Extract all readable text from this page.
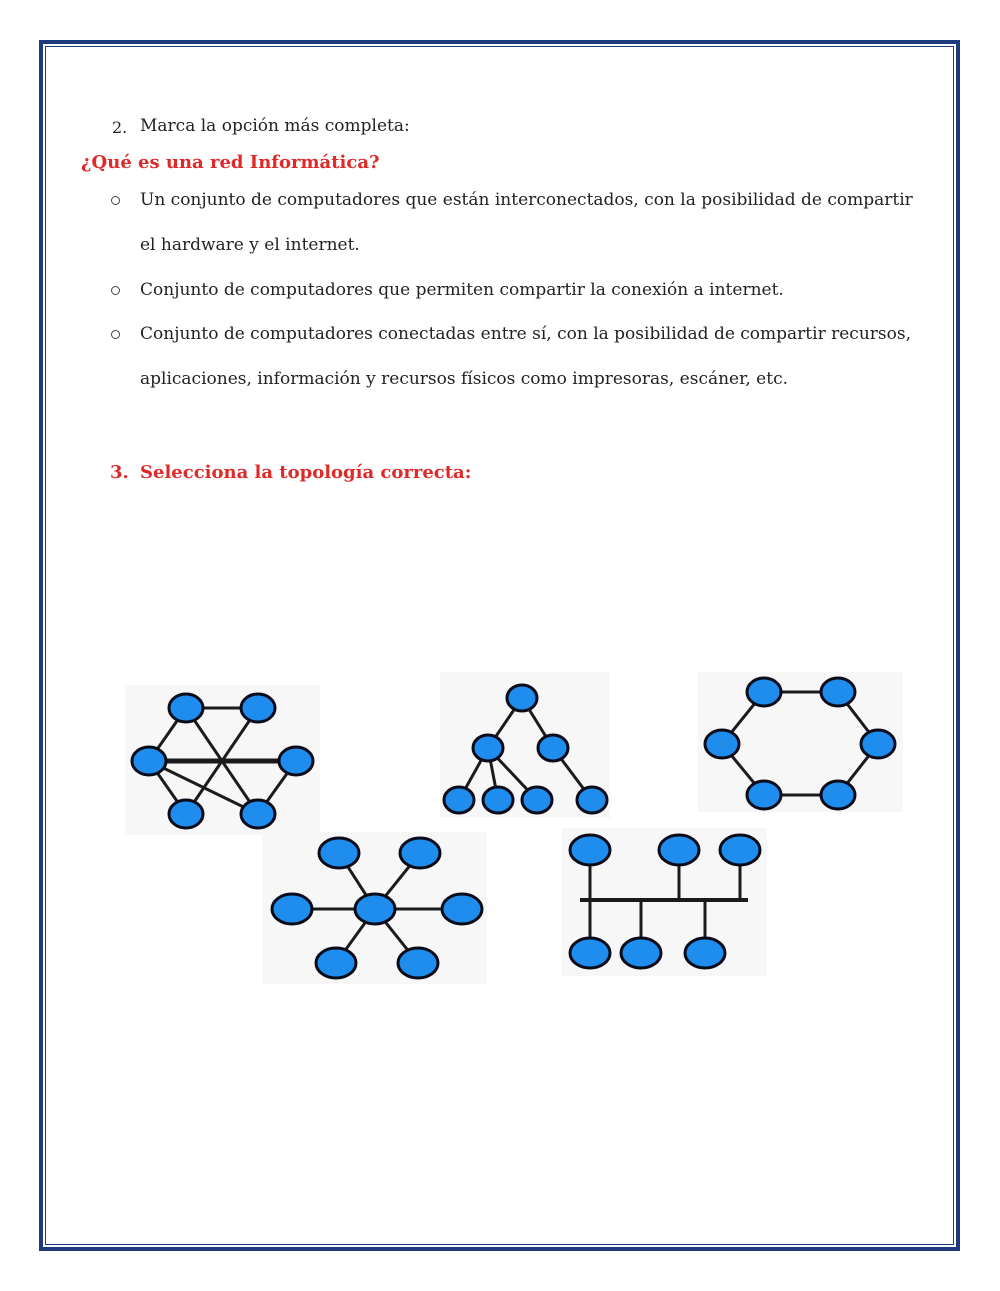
2. Marca la opción más completa:
¿Qué es una red Informática?
Un conjunto de computadores que están interconectados, con la posibilidad de compartir
el hardware y el internet.
Conjunto de computadores que permiten compartir la conexión a internet.
Conjunto de computadores conectadas entre sí, con la posibilidad de compartir recursos,
aplicaciones, información y recursos físicos como impresoras, escáner, etc.
3. Selecciona la topología correcta:
